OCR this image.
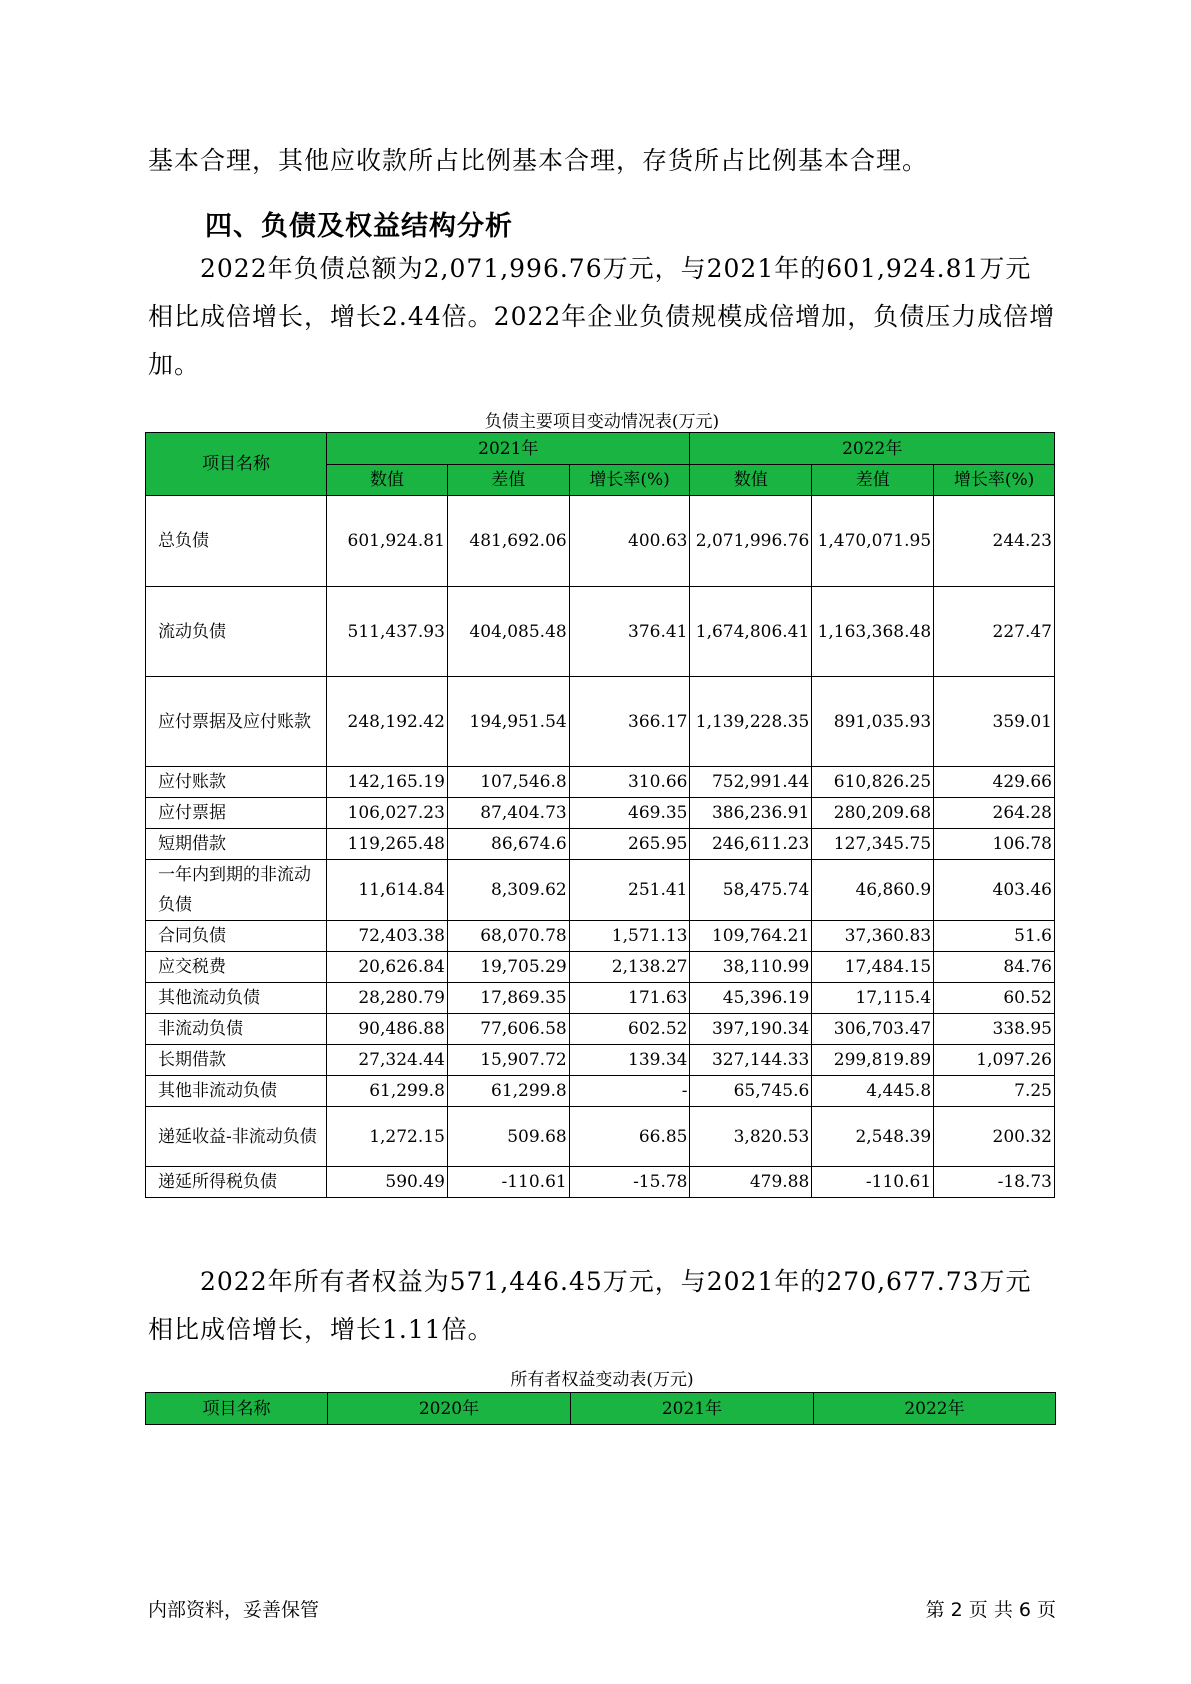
基本合理，其他应收款所占比例基本合理，存货所占比例基本合理。

四、负债及权益结构分析

2022年负债总额为2,071,996.76万元，与2021年的601,924.81万元相比成倍增长，增长2.44倍。2022年企业负债规模成倍增加，负债压力成倍增加。

负债主要项目变动情况表(万元)

项目名称	2021年			2022年		
	数值	差值	增长率(%)	数值	差值	增长率(%)
总负债	601,924.81	481,692.06	400.63	2,071,996.76	1,470,071.95	244.23
流动负债	511,437.93	404,085.48	376.41	1,674,806.41	1,163,368.48	227.47
应付票据及应付账款	248,192.42	194,951.54	366.17	1,139,228.35	891,035.93	359.01
应付账款	142,165.19	107,546.8	310.66	752,991.44	610,826.25	429.66
应付票据	106,027.23	87,404.73	469.35	386,236.91	280,209.68	264.28
短期借款	119,265.48	86,674.6	265.95	246,611.23	127,345.75	106.78
一年内到期的非流动负债	11,614.84	8,309.62	251.41	58,475.74	46,860.9	403.46
合同负债	72,403.38	68,070.78	1,571.13	109,764.21	37,360.83	51.6
应交税费	20,626.84	19,705.29	2,138.27	38,110.99	17,484.15	84.76
其他流动负债	28,280.79	17,869.35	171.63	45,396.19	17,115.4	60.52
非流动负债	90,486.88	77,606.58	602.52	397,190.34	306,703.47	338.95
长期借款	27,324.44	15,907.72	139.34	327,144.33	299,819.89	1,097.26
其他非流动负债	61,299.8	61,299.8	-	65,745.6	4,445.8	7.25
递延收益-非流动负债	1,272.15	509.68	66.85	3,820.53	2,548.39	200.32
递延所得税负债	590.49	-110.61	-15.78	479.88	-110.61	-18.73

2022年所有者权益为571,446.45万元，与2021年的270,677.73万元相比成倍增长，增长1.11倍。

所有者权益变动表(万元)

项目名称	2020年	2021年	2022年

内部资料，妥善保管	第 2 页 共 6 页
